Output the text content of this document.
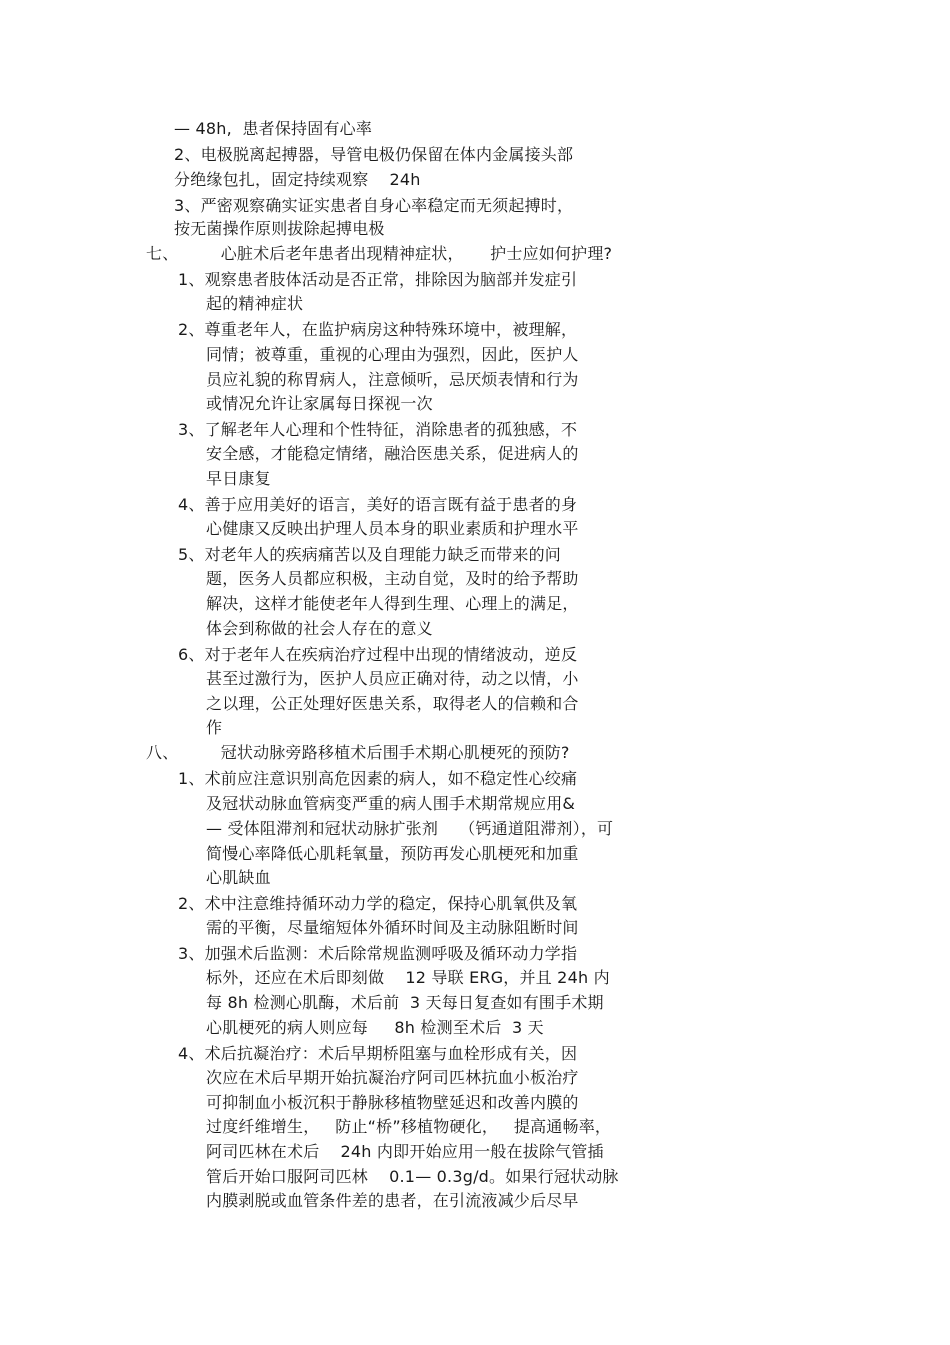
— 48h,  患者保持固有心率
2、电极脱离起搏器，导管电极仍保留在体内金属接头部
分绝缘包扎，固定持续观察    24h
3、严密观察确实证实患者自身心率稳定而无须起搏时，
按无菌操作原则拔除起搏电极
七、        心脏术后老年患者出现精神症状，     护士应如何护理?
1、观察患者肢体活动是否正常，排除因为脑部并发症引
起的精神症状
2、尊重老年人，在监护病房这种特殊环境中，被理解，
同情；被尊重，重视的心理由为强烈，因此，医护人
员应礼貌的称胃病人，注意倾听，忌厌烦表情和行为
或情况允许让家属每日探视一次
3、了解老年人心理和个性特征，消除患者的孤独感，不
安全感，才能稳定情绪，融洽医患关系，促进病人的
早日康复
4、善于应用美好的语言，美好的语言既有益于患者的身
心健康又反映出护理人员本身的职业素质和护理水平
5、对老年人的疾病痛苦以及自理能力缺乏而带来的问
题，医务人员都应积极，主动自觉，及时的给予帮助
解决，这样才能使老年人得到生理、心理上的满足，
体会到称做的社会人存在的意义
6、对于老年人在疾病治疗过程中出现的情绪波动，逆反
甚至过激行为，医护人员应正确对待，动之以情，小
之以理，公正处理好医患关系，取得老人的信赖和合
作
八、        冠状动脉旁路移植术后围手术期心肌梗死的预防?
1、术前应注意识别高危因素的病人，如不稳定性心绞痛
及冠状动脉血管病变严重的病人围手术期常规应用&
— 受体阻滞剂和冠状动脉扩张剂    （钙通道阻滞剂），可
简慢心率降低心肌耗氧量，预防再发心肌梗死和加重
心肌缺血
2、术中注意维持循环动力学的稳定，保持心肌氧供及氧
需的平衡，尽量缩短体外循环时间及主动脉阻断时间
3、加强术后监测：术后除常规监测呼吸及循环动力学指
标外，还应在术后即刻做    12 导联 ERG，并且 24h 内
每 8h 检测心肌酶，术后前  3 天每日复查如有围手术期
心肌梗死的病人则应每     8h 检测至术后  3 天
4、术后抗凝治疗：术后早期桥阻塞与血栓形成有关，因
次应在术后早期开始抗凝治疗阿司匹林抗血小板治疗
可抑制血小板沉积于静脉移植物壁延迟和改善内膜的
过度纤维增生，   防止“桥”移植物硬化，   提高通畅率，
阿司匹林在术后    24h 内即开始应用一般在拔除气管插
管后开始口服阿司匹林    0.1— 0.3g/d。如果行冠状动脉
内膜剥脱或血管条件差的患者，在引流液减少后尽早
